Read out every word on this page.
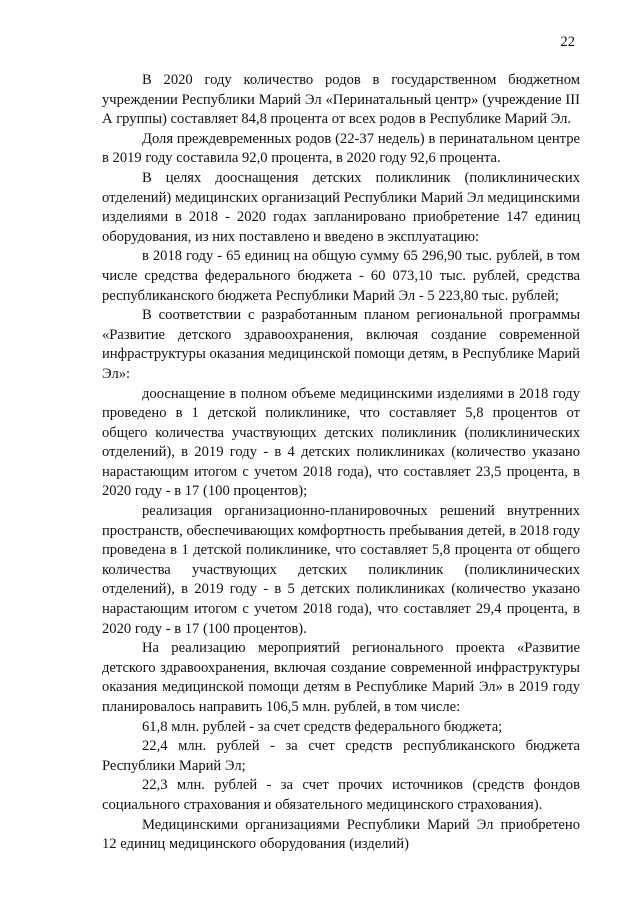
22

В 2020 году количество родов в государственном бюджетном учреждении Республики Марий Эл «Перинатальный центр» (учреждение III А группы) составляет 84,8 процента от всех родов в Республике Марий Эл.

Доля преждевременных родов (22-37 недель) в перинатальном центре в 2019 году составила 92,0 процента, в 2020 году 92,6 процента.

В целях дооснащения детских поликлиник (поликлинических отделений) медицинских организаций Республики Марий Эл медицинскими изделиями в 2018 - 2020 годах запланировано приобретение 147 единиц оборудования, из них поставлено и введено в эксплуатацию:

в 2018 году - 65 единиц на общую сумму 65 296,90 тыс. рублей, в том числе средства федерального бюджета - 60 073,10 тыс. рублей, средства республиканского бюджета Республики Марий Эл - 5 223,80 тыс. рублей;

В соответствии с разработанным планом региональной программы «Развитие детского здравоохранения, включая создание современной инфраструктуры оказания медицинской помощи детям, в Республике Марий Эл»:

дооснащение в полном объеме медицинскими изделиями в 2018 году проведено в 1 детской поликлинике, что составляет 5,8 процентов от общего количества участвующих детских поликлиник (поликлинических отделений), в 2019 году - в 4 детских поликлиниках (количество указано нарастающим итогом с учетом 2018 года), что составляет 23,5 процента, в 2020 году - в 17 (100 процентов);

реализация организационно-планировочных решений внутренних пространств, обеспечивающих комфортность пребывания детей, в 2018 году проведена в 1 детской поликлинике, что составляет 5,8 процента от общего количества участвующих детских поликлиник (поликлинических отделений), в 2019 году - в 5 детских поликлиниках (количество указано нарастающим итогом с учетом 2018 года), что составляет 29,4 процента, в 2020 году - в 17 (100 процентов).

На реализацию мероприятий регионального проекта «Развитие детского здравоохранения, включая создание современной инфраструктуры оказания медицинской помощи детям в Республике Марий Эл» в 2019 году планировалось направить 106,5 млн. рублей, в том числе:

61,8 млн. рублей - за счет средств федерального бюджета;

22,4 млн. рублей - за счет средств республиканского бюджета Республики Марий Эл;

22,3 млн. рублей - за счет прочих источников (средств фондов социального страхования и обязательного медицинского страхования).

Медицинскими организациями Республики Марий Эл приобретено 12 единиц медицинского оборудования (изделий)
